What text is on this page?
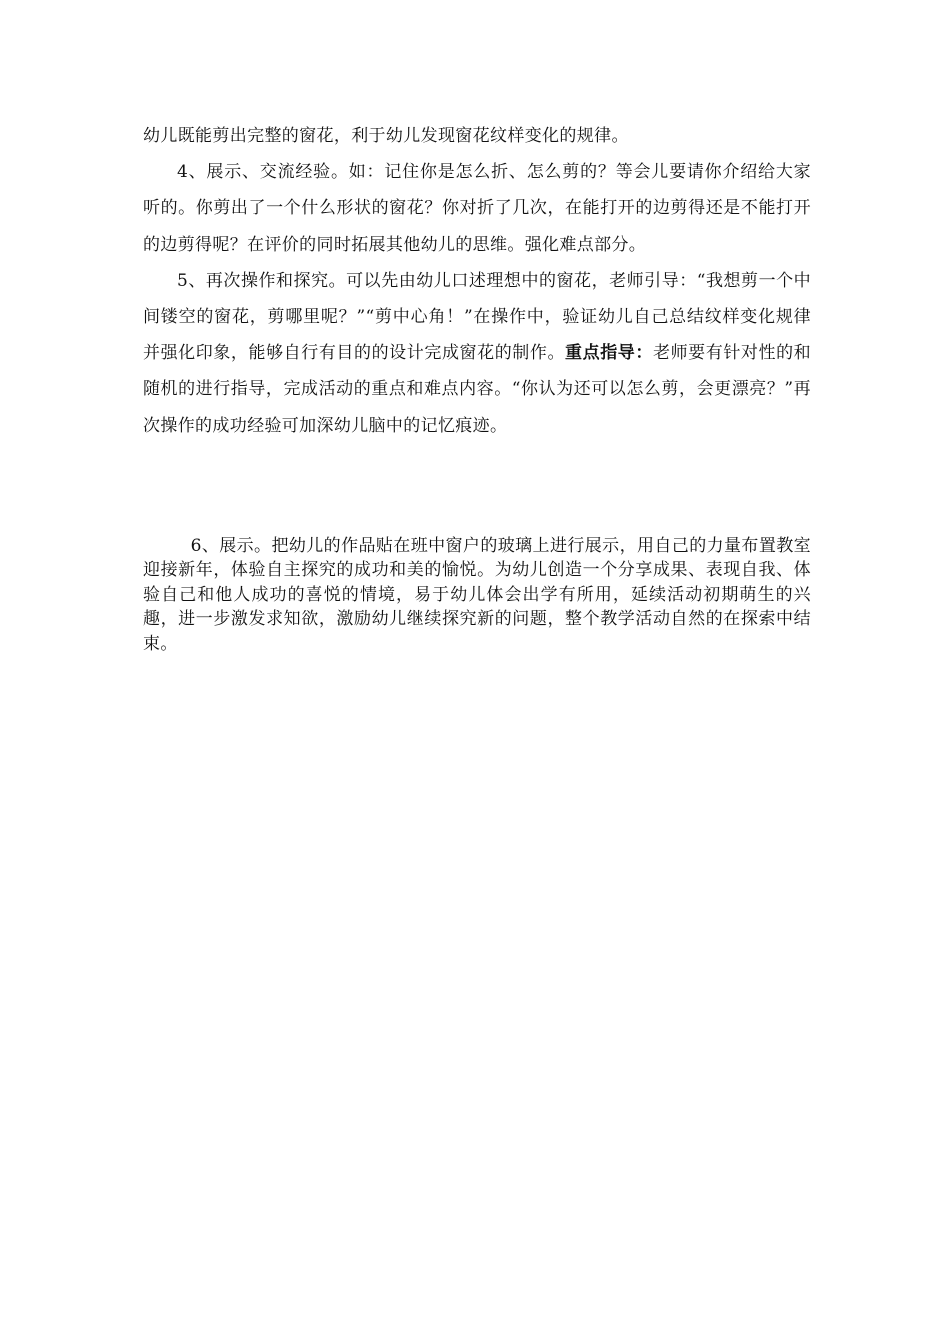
幼儿既能剪出完整的窗花，利于幼儿发现窗花纹样变化的规律。

4、展示、交流经验。如：记住你是怎么折、怎么剪的？等会儿要请你介绍给大家听的。你剪出了一个什么形状的窗花？你对折了几次，在能打开的边剪得还是不能打开的边剪得呢？在评价的同时拓展其他幼儿的思维。强化难点部分。

5、再次操作和探究。可以先由幼儿口述理想中的窗花，老师引导：“我想剪一个中间镂空的窗花，剪哪里呢？”“剪中心角！”在操作中，验证幼儿自己总结纹样变化规律并强化印象，能够自行有目的的设计完成窗花的制作。重点指导：老师要有针对性的和随机的进行指导，完成活动的重点和难点内容。“你认为还可以怎么剪，会更漂亮？”再次操作的成功经验可加深幼儿脑中的记忆痕迹。

6、展示。把幼儿的作品贴在班中窗户的玻璃上进行展示，用自己的力量布置教室迎接新年，体验自主探究的成功和美的愉悦。为幼儿创造一个分享成果、表现自我、体验自己和他人成功的喜悦的情境，易于幼儿体会出学有所用，延续活动初期萌生的兴趣，进一步激发求知欲，激励幼儿继续探究新的问题，整个教学活动自然的在探索中结束。
